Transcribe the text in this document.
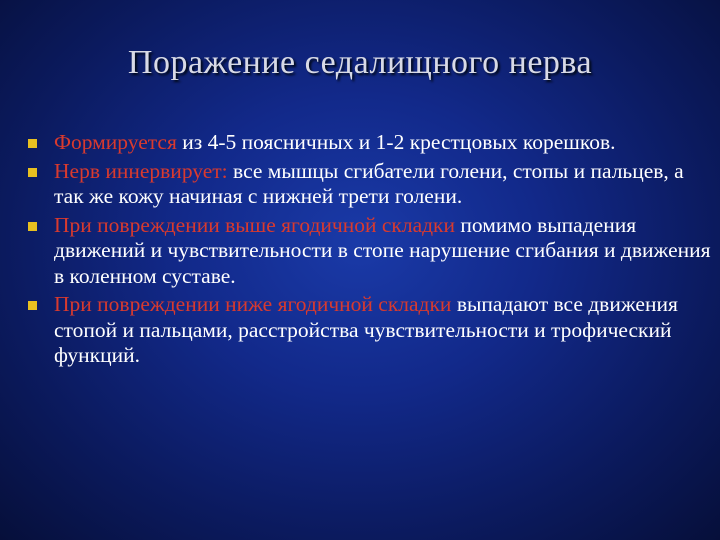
Поражение седалищного нерва
Формируется из 4-5 поясничных и 1-2 крестцовых корешков.
Нерв иннервирует: все мышцы сгибатели голени, стопы и пальцев, а так же кожу начиная с нижней трети голени.
При повреждении выше ягодичной складки помимо выпадения движений и чувствительности в стопе нарушение сгибания и движения в коленном суставе.
При повреждении ниже ягодичной складки выпадают все движения стопой и пальцами, расстройства чувствительности и трофический функций.
